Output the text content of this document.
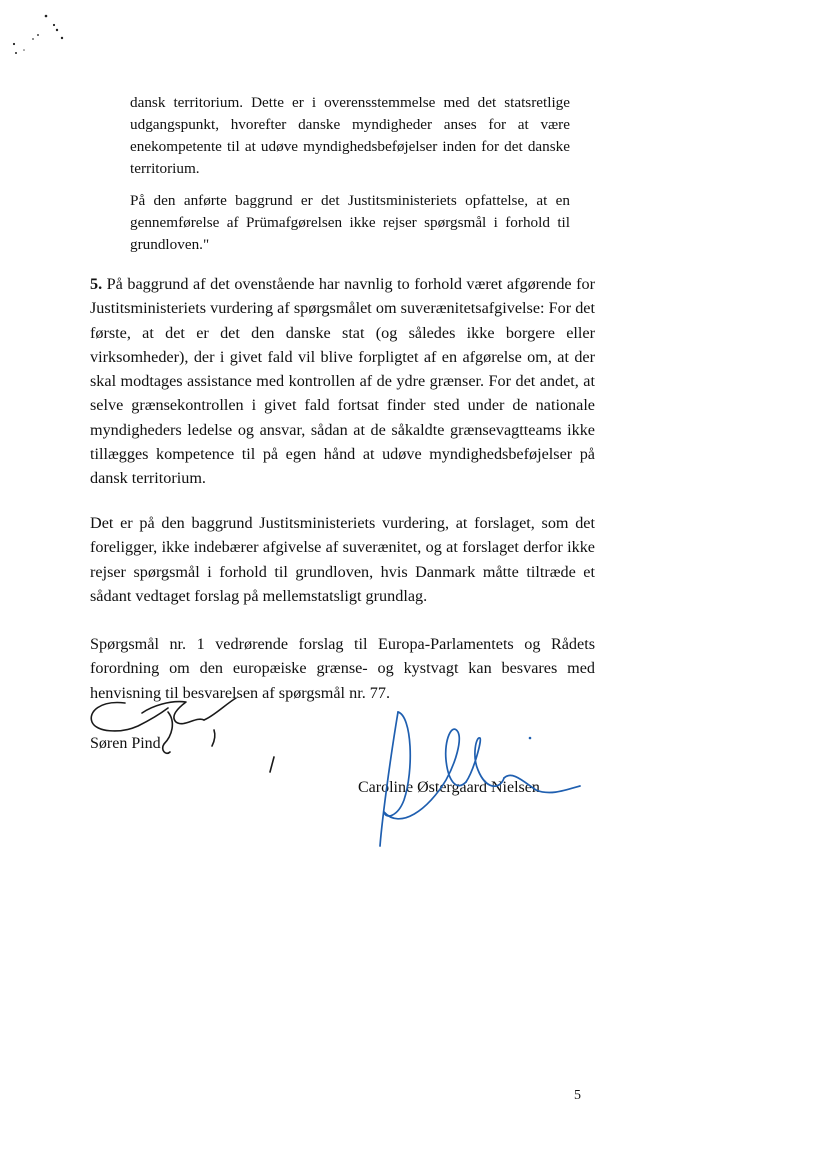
dansk territorium. Dette er i overensstemmelse med det statsretlige udgangspunkt, hvorefter danske myndigheder anses for at være enekompetente til at udøve myndighedsbeføjelser inden for det danske territorium.

På den anførte baggrund er det Justitsministeriets opfattelse, at en gennemførelse af Prümafgørelsen ikke rejser spørgsmål i forhold til grundloven."

5. På baggrund af det ovenstående har navnlig to forhold været afgørende for Justitsministeriets vurdering af spørgsmålet om suverænitetsafgivelse: For det første, at det er det den danske stat (og således ikke borgere eller virksomheder), der i givet fald vil blive forpligtet af en afgørelse om, at der skal modtages assistance med kontrollen af de ydre grænser. For det andet, at selve grænsekontrollen i givet fald fortsat finder sted under de nationale myndigheders ledelse og ansvar, sådan at de såkaldte grænsevagtteams ikke tillægges kompetence til på egen hånd at udøve myndighedsbeføjelser på dansk territorium.

Det er på den baggrund Justitsministeriets vurdering, at forslaget, som det foreligger, ikke indebærer afgivelse af suverænitet, og at forslaget derfor ikke rejser spørgsmål i forhold til grundloven, hvis Danmark måtte tiltræde et sådant vedtaget forslag på mellemstatsligt grundlag.

Spørgsmål nr. 1 vedrørende forslag til Europa-Parlamentets og Rådets forordning om den europæiske grænse- og kystvagt kan besvares med henvisning til besvarelsen af spørgsmål nr. 77.

Søren Pind
Caroline Østergaard Nielsen
5
